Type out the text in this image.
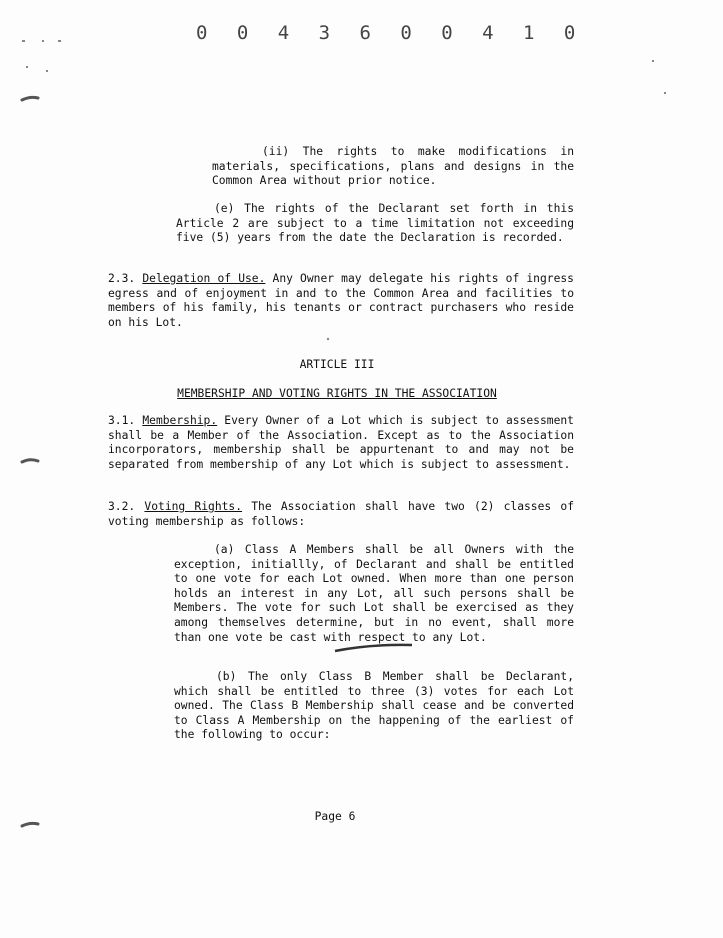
0 0 4 3 6 0 0 4 1 0

(ii) The rights to make modifications in materials, specifications, plans and designs in the Common Area without prior notice.

(e) The rights of the Declarant set forth in this Article 2 are subject to a time limitation not exceeding five (5) years from the date the Declaration is recorded.

2.3. Delegation of Use. Any Owner may delegate his rights of ingress egress and of enjoyment in and to the Common Area and facilities to members of his family, his tenants or contract purchasers who reside on his Lot.

ARTICLE III
MEMBERSHIP AND VOTING RIGHTS IN THE ASSOCIATION

3.1. Membership. Every Owner of a Lot which is subject to assessment shall be a Member of the Association. Except as to the Association incorporators, membership shall be appurtenant to and may not be separated from membership of any Lot which is subject to assessment.

3.2. Voting Rights. The Association shall have two (2) classes of voting membership as follows:

(a) Class A Members shall be all Owners with the exception, initiallly, of Declarant and shall be entitled to one vote for each Lot owned. When more than one person holds an interest in any Lot, all such persons shall be Members. The vote for such Lot shall be exercised as they among themselves determine, but in no event, shall more than one vote be cast with respect to any Lot.

(b) The only Class B Member shall be Declarant, which shall be entitled to three (3) votes for each Lot owned. The Class B Membership shall cease and be converted to Class A Membership on the happening of the earliest of the following to occur:

Page 6
